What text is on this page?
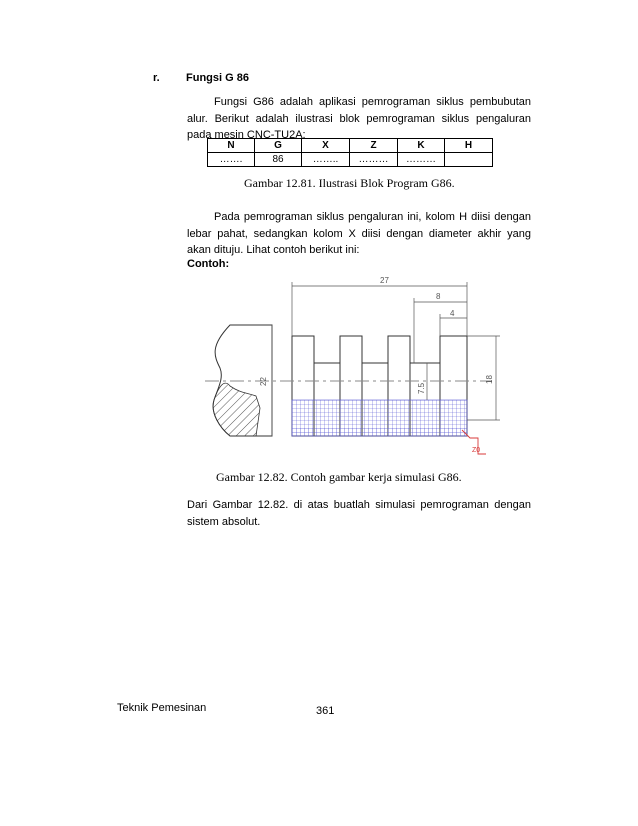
r. Fungsi G 86
Fungsi G86 adalah aplikasi pemrograman siklus pembubutan alur. Berikut adalah ilustrasi blok pemrograman siklus pengaluran pada mesin CNC-TU2A:
N	G	X	Z	K	H
…….	86	……..	………	………	
Gambar 12.81. Ilustrasi Blok Program G86.
Pada pemrograman siklus pengaluran ini, kolom H diisi dengan lebar pahat, sedangkan kolom X diisi dengan diameter akhir yang akan dituju. Lihat contoh berikut ini:
Contoh:
27
8
4
22
7.5
18
Z0
Gambar 12.82. Contoh gambar kerja simulasi G86.
Dari Gambar 12.82. di atas buatlah simulasi pemrograman dengan sistem absolut.
Teknik Pemesinan	361
